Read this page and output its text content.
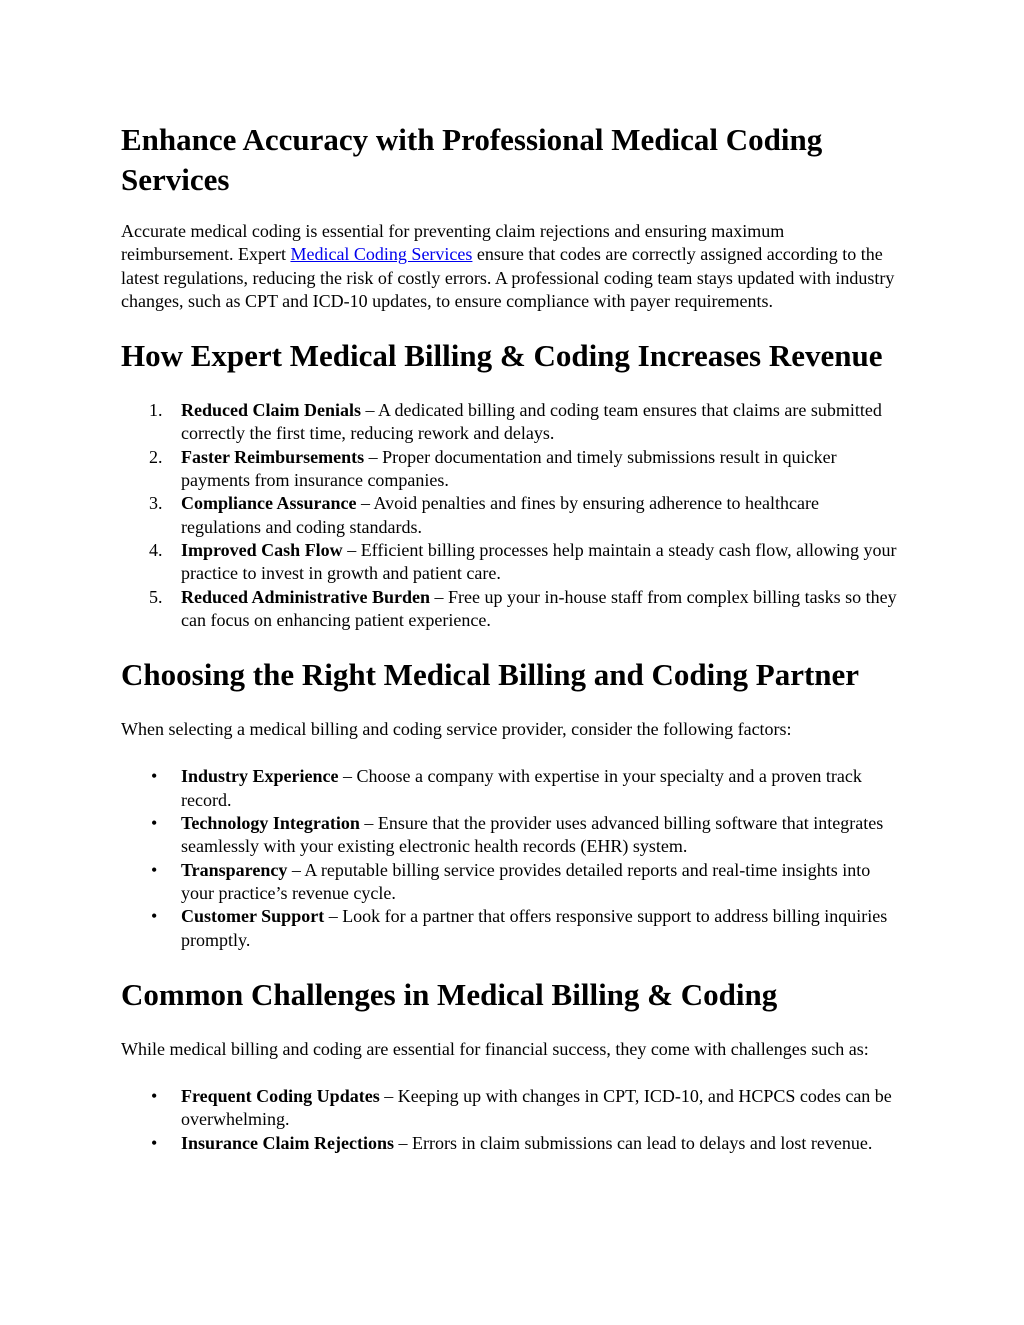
Enhance Accuracy with Professional Medical Coding Services

Accurate medical coding is essential for preventing claim rejections and ensuring maximum reimbursement. Expert Medical Coding Services ensure that codes are correctly assigned according to the latest regulations, reducing the risk of costly errors. A professional coding team stays updated with industry changes, such as CPT and ICD-10 updates, to ensure compliance with payer requirements.

How Expert Medical Billing & Coding Increases Revenue
1.	Reduced Claim Denials – A dedicated billing and coding team ensures that claims are submitted correctly the first time, reducing rework and delays.
2.	Faster Reimbursements – Proper documentation and timely submissions result in quicker payments from insurance companies.
3.	Compliance Assurance – Avoid penalties and fines by ensuring adherence to healthcare regulations and coding standards.
4.	Improved Cash Flow – Efficient billing processes help maintain a steady cash flow, allowing your practice to invest in growth and patient care.
5.	Reduced Administrative Burden – Free up your in-house staff from complex billing tasks so they can focus on enhancing patient experience.
Choosing the Right Medical Billing and Coding Partner

When selecting a medical billing and coding service provider, consider the following factors:

•	Industry Experience – Choose a company with expertise in your specialty and a proven track record.
•	Technology Integration – Ensure that the provider uses advanced billing software that integrates seamlessly with your existing electronic health records (EHR) system.
•	Transparency – A reputable billing service provides detailed reports and real-time insights into your practice’s revenue cycle.
•	Customer Support – Look for a partner that offers responsive support to address billing inquiries promptly.
Common Challenges in Medical Billing & Coding

While medical billing and coding are essential for financial success, they come with challenges such as:

•	Frequent Coding Updates – Keeping up with changes in CPT, ICD-10, and HCPCS codes can be overwhelming.
•	Insurance Claim Rejections – Errors in claim submissions can lead to delays and lost revenue.
